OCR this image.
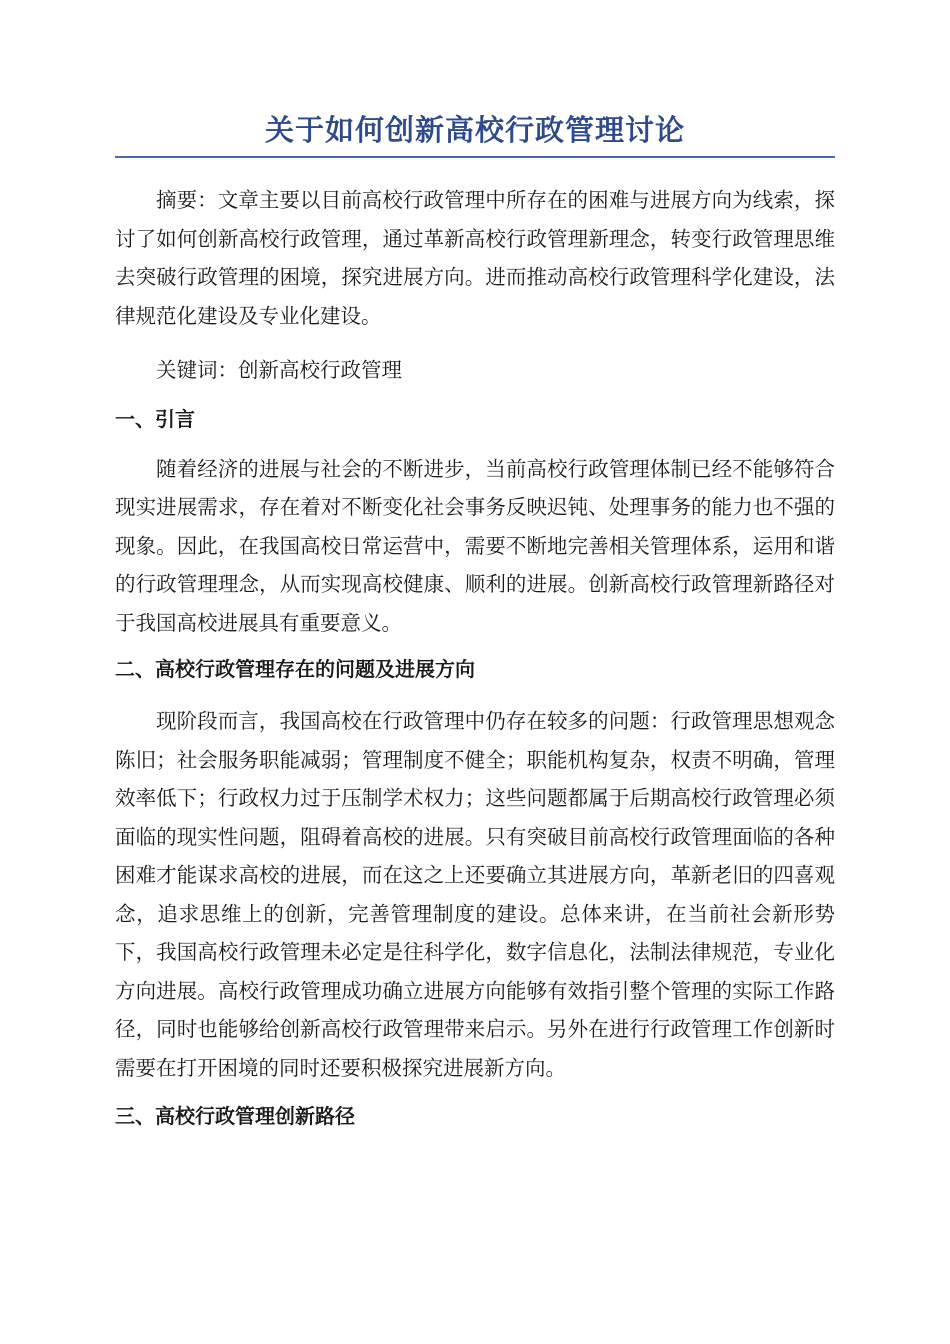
关于如何创新高校行政管理讨论

摘要：文章主要以目前高校行政管理中所存在的困难与进展方向为线索，探讨了如何创新高校行政管理，通过革新高校行政管理新理念，转变行政管理思维去突破行政管理的困境，探究进展方向。进而推动高校行政管理科学化建设，法律规范化建设及专业化建设。

关键词：创新高校行政管理

一、引言

随着经济的进展与社会的不断进步，当前高校行政管理体制已经不能够符合现实进展需求，存在着对不断变化社会事务反映迟钝、处理事务的能力也不强的现象。因此，在我国高校日常运营中，需要不断地完善相关管理体系，运用和谐的行政管理理念，从而实现高校健康、顺利的进展。创新高校行政管理新路径对于我国高校进展具有重要意义。

二、高校行政管理存在的问题及进展方向

现阶段而言，我国高校在行政管理中仍存在较多的问题：行政管理思想观念陈旧；社会服务职能减弱；管理制度不健全；职能机构复杂，权责不明确，管理效率低下；行政权力过于压制学术权力；这些问题都属于后期高校行政管理必须面临的现实性问题，阻碍着高校的进展。只有突破目前高校行政管理面临的各种困难才能谋求高校的进展，而在这之上还要确立其进展方向，革新老旧的四喜观念，追求思维上的创新，完善管理制度的建设。总体来讲，在当前社会新形势下，我国高校行政管理未必定是往科学化，数字信息化，法制法律规范，专业化方向进展。高校行政管理成功确立进展方向能够有效指引整个管理的实际工作路径，同时也能够给创新高校行政管理带来启示。另外在进行行政管理工作创新时需要在打开困境的同时还要积极探究进展新方向。

三、高校行政管理创新路径
